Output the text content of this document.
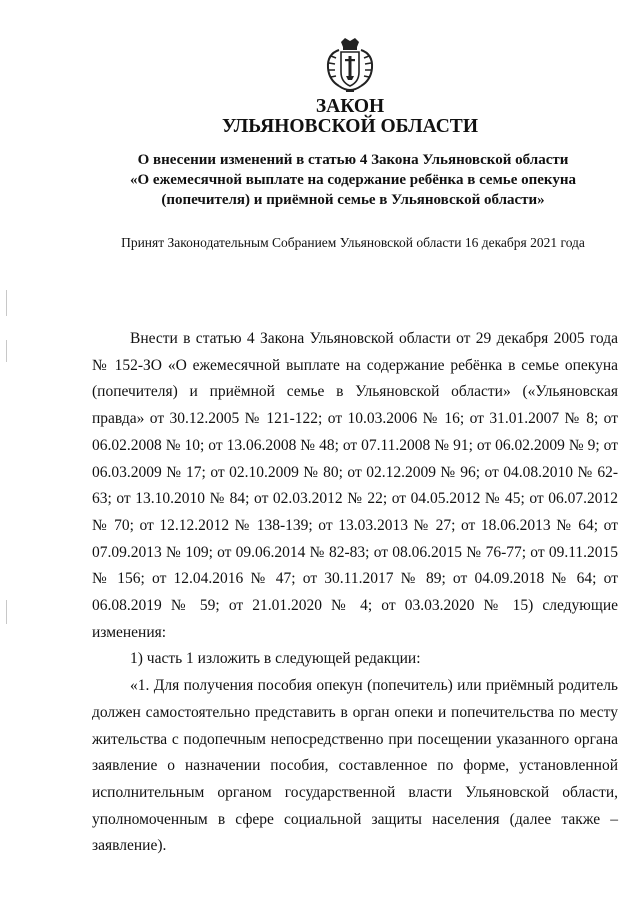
ЗАКОН
УЛЬЯНОВСКОЙ ОБЛАСТИ
О внесении изменений в статью 4 Закона Ульяновской области
«О ежемесячной выплате на содержание ребёнка в семье опекуна
(попечителя) и приёмной семье в Ульяновской области»

Принят Законодательным Собранием Ульяновской области 16 декабря 2021 года

Внести в статью 4 Закона Ульяновской области от 29 декабря 2005 года № 152-ЗО «О ежемесячной выплате на содержание ребёнка в семье опекуна (попечителя) и приёмной семье в Ульяновской области» («Ульяновская правда» от 30.12.2005 № 121-122; от 10.03.2006 № 16; от 31.01.2007 № 8; от 06.02.2008 № 10; от 13.06.2008 № 48; от 07.11.2008 № 91; от 06.02.2009 № 9; от 06.03.2009 № 17; от 02.10.2009 № 80; от 02.12.2009 № 96; от 04.08.2010 № 62-63; от 13.10.2010 № 84; от 02.03.2012 № 22; от 04.05.2012 № 45; от 06.07.2012 № 70; от 12.12.2012 № 138-139; от 13.03.2013 № 27; от 18.06.2013 № 64; от 07.09.2013 № 109; от 09.06.2014 № 82-83; от 08.06.2015 № 76-77; от 09.11.2015 № 156; от 12.04.2016 № 47; от 30.11.2017 № 89; от 04.09.2018 № 64; от 06.08.2019 № 59; от 21.01.2020 № 4; от 03.03.2020 № 15) следующие изменения:

1) часть 1 изложить в следующей редакции:

«1. Для получения пособия опекун (попечитель) или приёмный родитель должен самостоятельно представить в орган опеки и попечительства по месту жительства с подопечным непосредственно при посещении указанного органа заявление о назначении пособия, составленное по форме, установленной исполнительным органом государственной власти Ульяновской области, уполномоченным в сфере социальной защиты населения (далее также – заявление).
